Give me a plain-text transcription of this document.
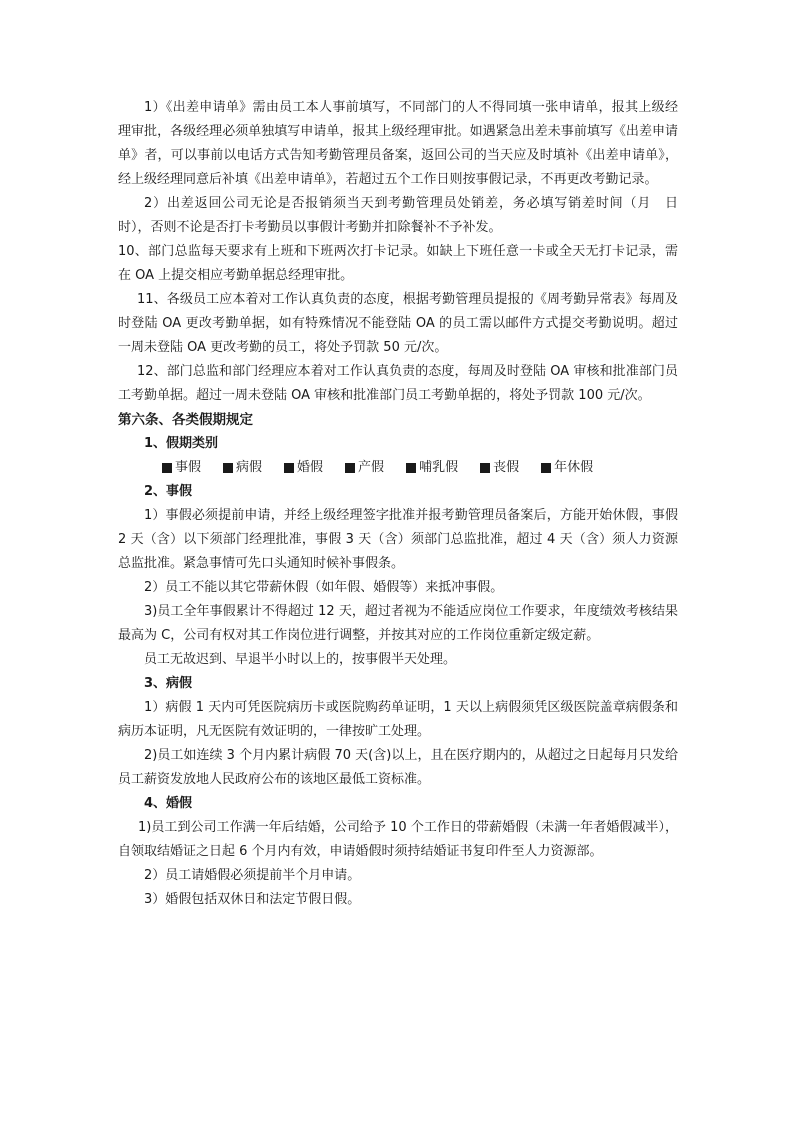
1）《出差申请单》需由员工本人事前填写，不同部门的人不得同填一张申请单，报其上级经理审批，各级经理必须单独填写申请单，报其上级经理审批。如遇紧急出差未事前填写《出差申请单》者，可以事前以电话方式告知考勤管理员备案，返回公司的当天应及时填补《出差申请单》，经上级经理同意后补填《出差申请单》，若超过五个工作日则按事假记录，不再更改考勤记录。

2）出差返回公司无论是否报销须当天到考勤管理员处销差，务必填写销差时间（月　日　 时），否则不论是否打卡考勤员以事假计考勤并扣除餐补不予补发。

10、部门总监每天要求有上班和下班两次打卡记录。如缺上下班任意一卡或全天无打卡记录，需在 OA 上提交相应考勤单据总经理审批。

11、各级员工应本着对工作认真负责的态度，根据考勤管理员提报的《周考勤异常表》每周及时登陆 OA 更改考勤单据，如有特殊情况不能登陆 OA 的员工需以邮件方式提交考勤说明。超过一周未登陆 OA 更改考勤的员工，将处予罚款 50 元/次。

12、部门总监和部门经理应本着对工作认真负责的态度，每周及时登陆 OA 审核和批准部门员工考勤单据。超过一周未登陆 OA 审核和批准部门员工考勤单据的，将处予罚款 100 元/次。

第六条、各类假期规定

1、假期类别

事假	病假	婚假	产假	哺乳假	丧假	年休假

2、事假

1）事假必须提前申请，并经上级经理签字批准并报考勤管理员备案后，方能开始休假，事假 2 天（含）以下须部门经理批准，事假 3 天（含）须部门总监批准，超过 4 天（含）须人力资源总监批准。紧急事情可先口头通知时候补事假条。

2）员工不能以其它带薪休假（如年假、婚假等）来抵冲事假。

3)员工全年事假累计不得超过 12 天，超过者视为不能适应岗位工作要求，年度绩效考核结果最高为 C，公司有权对其工作岗位进行调整，并按其对应的工作岗位重新定级定薪。

员工无故迟到、早退半小时以上的，按事假半天处理。

3、病假

1）病假 1 天内可凭医院病历卡或医院购药单证明，1 天以上病假须凭区级医院盖章病假条和病历本证明，凡无医院有效证明的，一律按旷工处理。

2)员工如连续 3 个月内累计病假 70 天(含)以上，且在医疗期内的，从超过之日起每月只发给员工薪资发放地人民政府公布的该地区最低工资标准。

4、婚假

1)员工到公司工作满一年后结婚，公司给予 10 个工作日的带薪婚假（未满一年者婚假减半），自领取结婚证之日起 6 个月内有效，申请婚假时须持结婚证书复印件至人力资源部。

2）员工请婚假必须提前半个月申请。

3）婚假包括双休日和法定节假日假。
